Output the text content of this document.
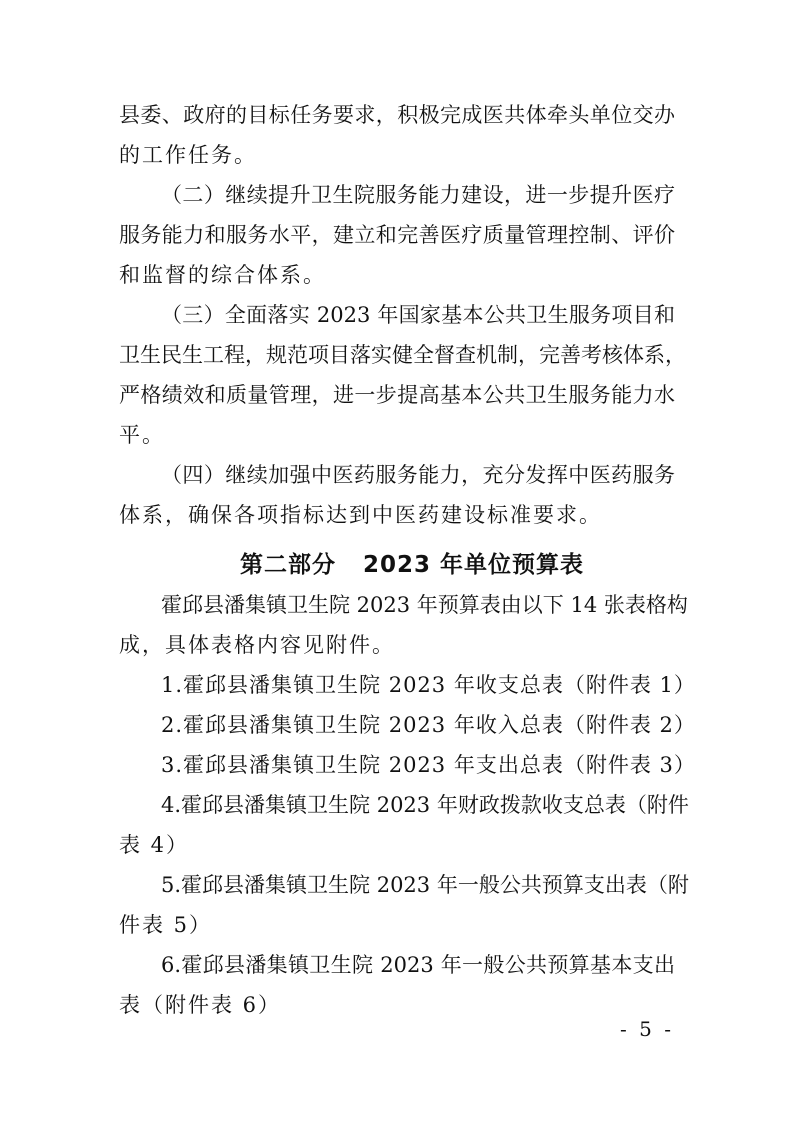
县委、政府的目标任务要求，积极完成医共体牵头单位交办
的工作任务。
（二）继续提升卫生院服务能力建设，进一步提升医疗
服务能力和服务水平，建立和完善医疗质量管理控制、评价
和监督的综合体系。
（三）全面落实 2023 年国家基本公共卫生服务项目和
卫生民生工程，规范项目落实健全督查机制，完善考核体系，
严格绩效和质量管理，进一步提高基本公共卫生服务能力水
平。
（四）继续加强中医药服务能力，充分发挥中医药服务
体系，确保各项指标达到中医药建设标准要求。
第二部分   2023 年单位预算表
霍邱县潘集镇卫生院 2023 年预算表由以下 14 张表格构
成，具体表格内容见附件。
1.霍邱县潘集镇卫生院 2023 年收支总表（附件表 1）
2.霍邱县潘集镇卫生院 2023 年收入总表（附件表 2）
3.霍邱县潘集镇卫生院 2023 年支出总表（附件表 3）
4.霍邱县潘集镇卫生院 2023 年财政拨款收支总表（附件
表 4）
5.霍邱县潘集镇卫生院 2023 年一般公共预算支出表（附
件表 5）
6.霍邱县潘集镇卫生院 2023 年一般公共预算基本支出
表（附件表 6）
- 5 -
